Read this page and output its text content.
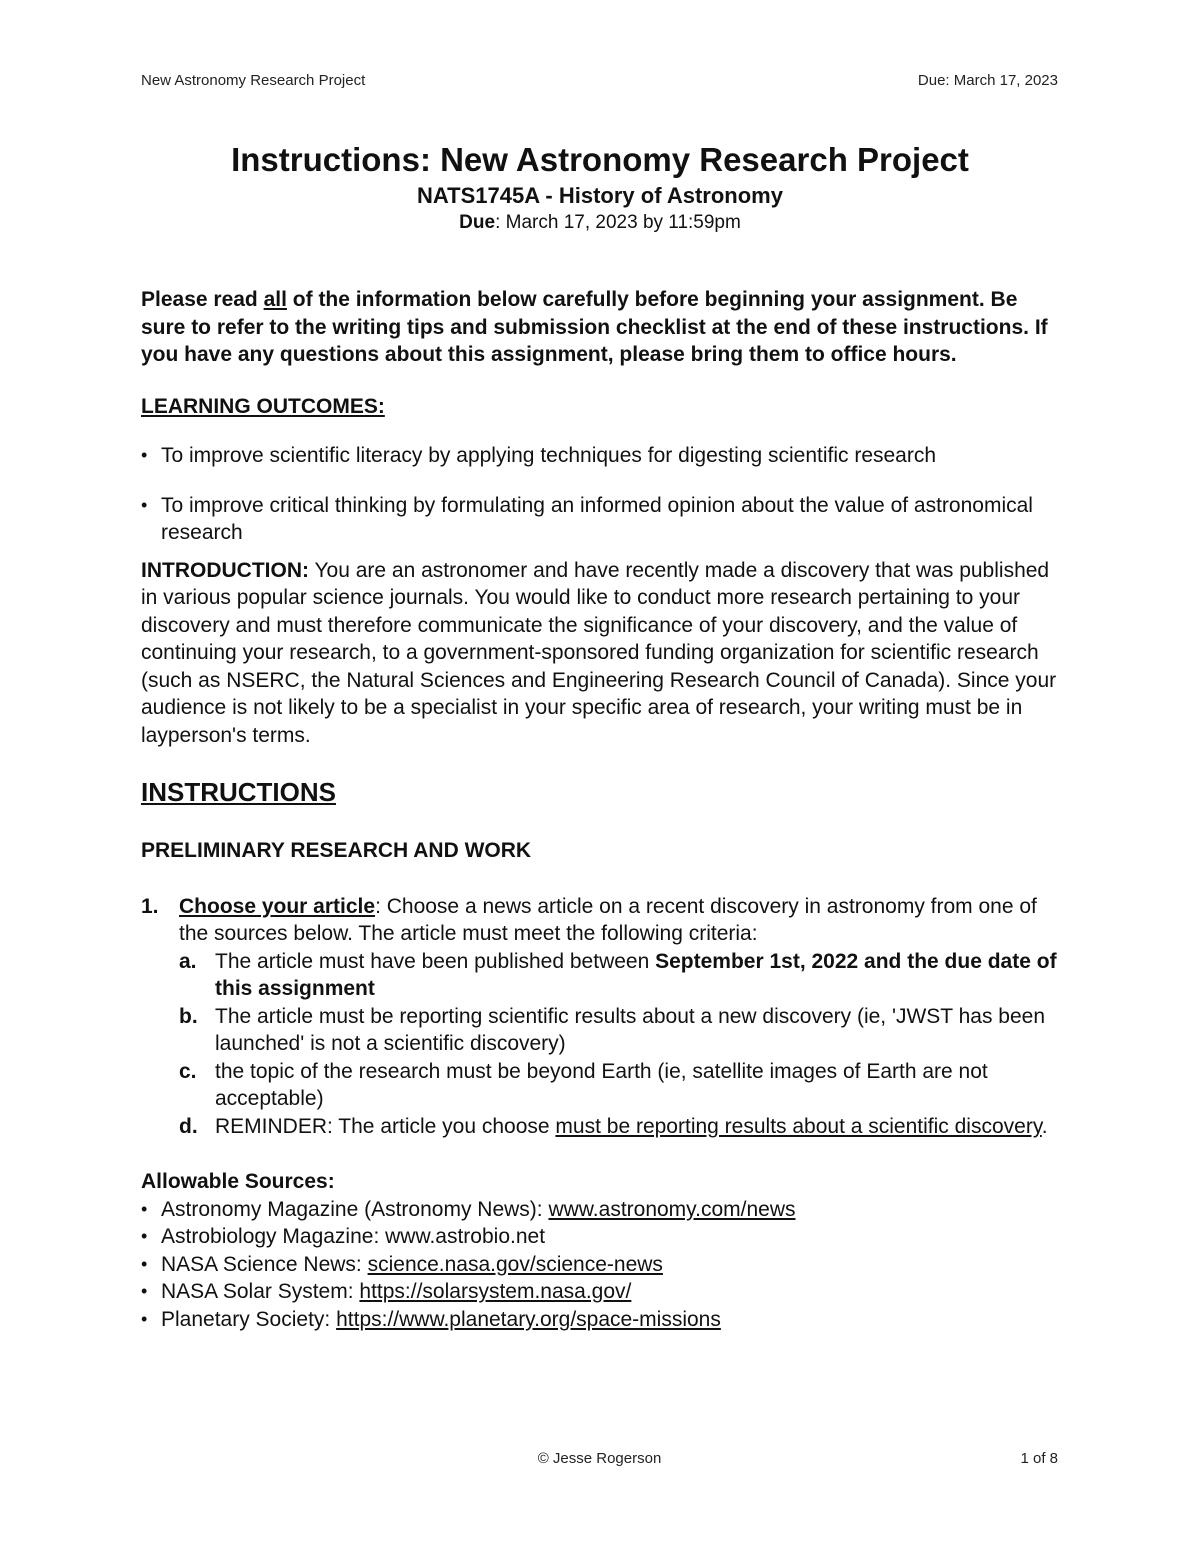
New Astronomy Research Project	Due: March 17, 2023

Instructions: New Astronomy Research Project

NATS1745A - History of Astronomy

Due: March 17, 2023 by 11:59pm

Please read all of the information below carefully before beginning your assignment. Be sure to refer to the writing tips and submission checklist at the end of these instructions. If you have any questions about this assignment, please bring them to office hours.

LEARNING OUTCOMES:

• To improve scientific literacy by applying techniques for digesting scientific research
• To improve critical thinking by formulating an informed opinion about the value of astronomical research

INTRODUCTION: You are an astronomer and have recently made a discovery that was published in various popular science journals. You would like to conduct more research pertaining to your discovery and must therefore communicate the significance of your discovery, and the value of continuing your research, to a government-sponsored funding organization for scientific research (such as NSERC, the Natural Sciences and Engineering Research Council of Canada). Since your audience is not likely to be a specialist in your specific area of research, your writing must be in layperson's terms.

INSTRUCTIONS

PRELIMINARY RESEARCH AND WORK

1. Choose your article: Choose a news article on a recent discovery in astronomy from one of the sources below. The article must meet the following criteria:
a. The article must have been published between September 1st, 2022 and the due date of this assignment
b. The article must be reporting scientific results about a new discovery (ie, 'JWST has been launched' is not a scientific discovery)
c. the topic of the research must be beyond Earth (ie, satellite images of Earth are not acceptable)
d. REMINDER: The article you choose must be reporting results about a scientific discovery.

Allowable Sources:

• Astronomy Magazine (Astronomy News): www.astronomy.com/news
• Astrobiology Magazine: www.astrobio.net
• NASA Science News: science.nasa.gov/science-news
• NASA Solar System: https://solarsystem.nasa.gov/
• Planetary Society: https://www.planetary.org/space-missions
© Jesse Rogerson	1 of 8
